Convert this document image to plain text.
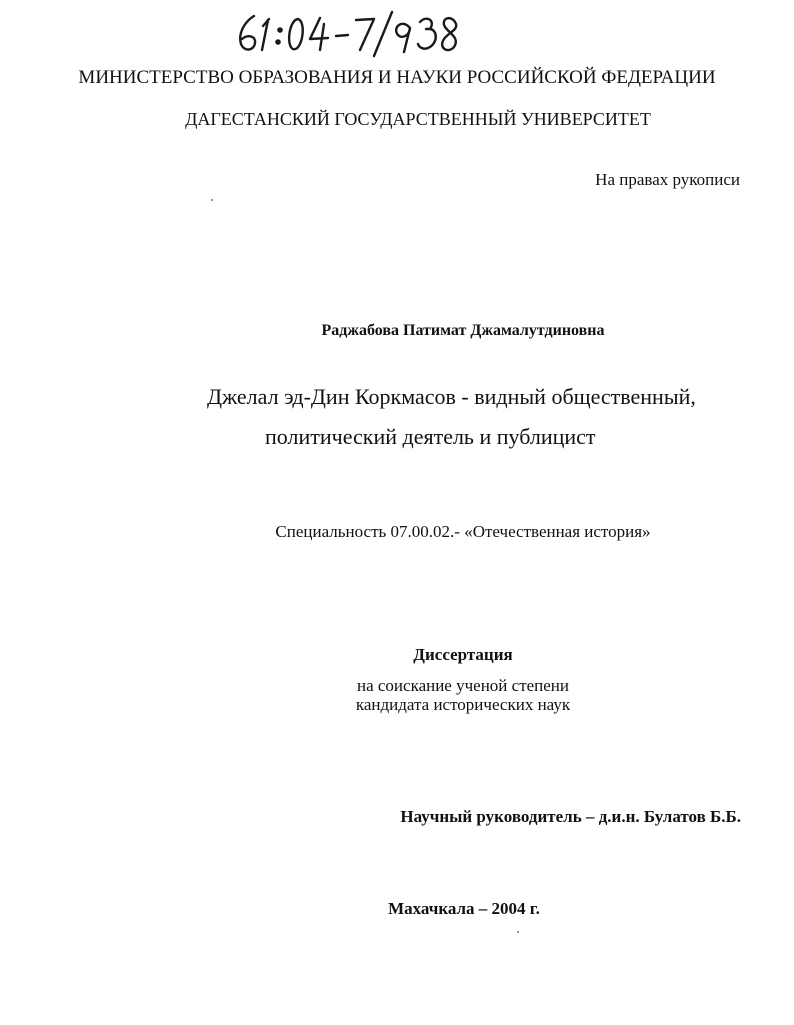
МИНИСТЕРСТВО ОБРАЗОВАНИЯ И НАУКИ РОССИЙСКОЙ ФЕДЕРАЦИИ
ДАГЕСТАНСКИЙ ГОСУДАРСТВЕННЫЙ УНИВЕРСИТЕТ
На правах рукописи
Раджабова Патимат Джамалутдиновна
Джелал эд-Дин Коркмасов - видный общественный,
политический деятель и публицист
Специальность 07.00.02.- «Отечественная история»
Диссертация
на соискание ученой степени
кандидата исторических наук
Научный руководитель – д.и.н. Булатов Б.Б.
Махачкала – 2004 г.
